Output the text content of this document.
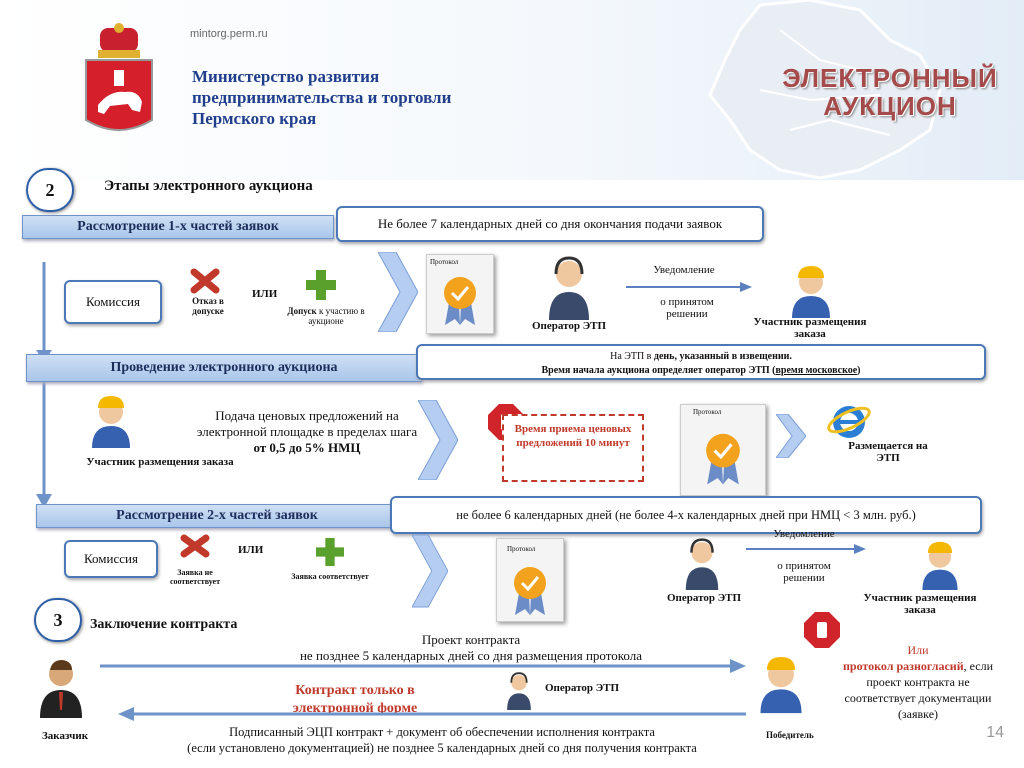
mintorg.perm.ru
Министерство развития
предпринимательства и торговли
Пермского края
ЭЛЕКТРОННЫЙ
АУКЦИОН
2	Этапы электронного аукциона
Рассмотрение 1-х частей заявок	Не более 7 календарных дней со дня окончания подачи заявок
Комиссия	Отказ в допуске
ИЛИ
Допуск к участию в аукционе
Протокол
Оператор ЭТП
Уведомление
о принятом решении
Участник размещения заказа
Проведение электронного аукциона
На ЭТП в день, указанный в извещении.
Время начала аукциона определяет оператор ЭТП (время московское)
Участник размещения заказа
Подача ценовых предложений на электронной площадке в пределах шага от 0,5 до 5% НМЦ
Время приема ценовых предложений 10 минут
Протокол
Размещается на ЭТП
Рассмотрение 2-х частей заявок	не более 6 календарных дней (не более 4-х календарных дней при НМЦ < 3 млн. руб.)
Комиссия
Заявка не соответствует
ИЛИ
Заявка соответствует
Протокол
Оператор ЭТП
Уведомление
о принятом решении
Участник размещения заказа
3	Заключение контракта
Заказчик
Проект контракта
не позднее 5 календарных дней со дня размещения протокола
Контракт только в электронной форме
Оператор ЭТП
Подписанный ЭЦП контракт + документ об обеспечении исполнения контракта
(если установлено документацией) не позднее 5 календарных дней со дня получения контракта
Победитель
Или
протокол разногласий, если проект контракта не соответствует документации (заявке)
14
